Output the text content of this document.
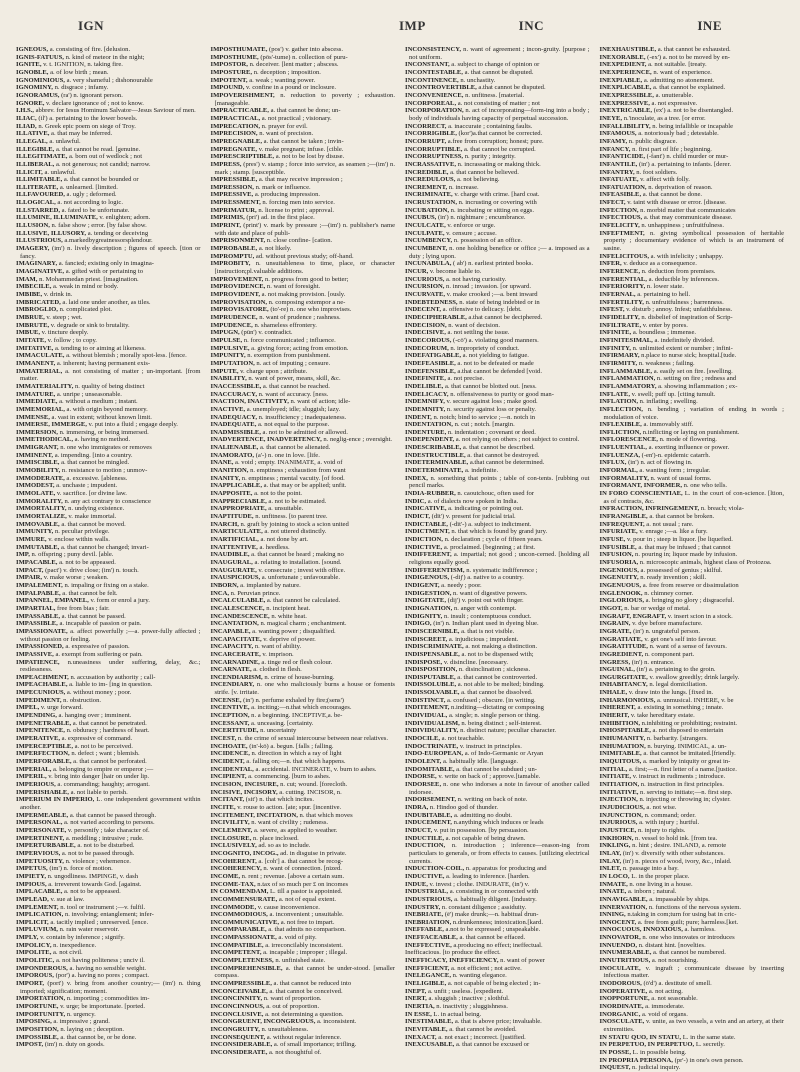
IGN	IMP	INC	INE

IGNEOUS, a. consisting of fire. [delusion.

IGNIS-FATUUS, n. kind of meteor in the night;

IGNITE, v. t. IGNITION, n. taking fire.

IGNOBLE, a. of low birth ; mean.

IGNOMINIOUS, a. very shameful ; dishonourable

IGNOMINY, n. disgrace ; infamy.

IGNORAMUS, (ra') n. ignorant person.

IGNORE, v. declare ignorance of ; not to know.

I.H.S., abbrev. for Iesus Hominum Salvator—Jesus Saviour of men.

ILIAC, (il') a. pertaining to the lower bowels.

ILIAD, n. Greek epic poem on siege of Troy.

ILLATIVE, a. that may be inferred.

ILLEGAL, a. unlawful.

ILLEGIBLE, a. that cannot be read. [genuine.

ILLEGITIMATE, a. born out of wedlock ; not

ILLIBERAL, a. not generous; not candid; narrow.

ILLICIT, a. unlawful.

ILLIMITABLE, a. that cannot be bounded or

ILLITERATE, a. unlearned. [limited.

ILLFAVOURED, a. ugly ; deformed.

ILLOGICAL, a. not according to logic.

ILLSTARRED, a. fated to be unfortunate.

ILLUMINE, ILLUMINATE, v. enlighten; adorn.

ILLUSION, n. false show ; error. [by false show.

ILLUSIVE, ILLUSORY, a. tending or deceiving

ILLUSTRIOUS, a.markedbygreatnessorsplendour.

IMAGERY, (im') n. lively description ; figures of speech. [tion or fancy.

IMAGINARY, a. fancied; existing only in imagina-

IMAGINATIVE, a. gifted with or pertaining to

IMAM, n. Mohammedan priest. [imagination.

IMBECILE, a. weak in mind or body.

IMBIBE, v. drink in.

IMBRICATED, a. laid one under another, as tiles.

IMBROGLIO, n. complicated plot.

IMBRUE, v. steep ; wet.

IMBRUTE, v. degrade or sink to brutality.

IMBUE, v. tincture deeply.

IMITATE, v. follow ; to copy.

IMITATIVE, a. tending to or aiming at likeness.

IMMACULATE, a. without blemish ; morally spot-less. [fence.

IMMANENT, a. inherent; having permanent exis-

IMMATERIAL, a. not consisting of matter ; un-important. [from matter.

IMMATERIALITY, n. quality of being distinct

IMMATURE, a. unripe ; unseasonable.

IMMEDIATE, a. without a medium ; instant.

IMMEMORIAL, a. with origin beyond memory.

IMMENSE, a. vast in extent; without known limit.

IMMERSE, IMMERGE, v. put into a fluid ; engage deeply.

IMMERSION, n. immersing, or being immersed.

IMMETHODICAL, a. having no method.

IMMIGRANT, n. one who immigrates or removes

IMMINENT, a. impending. [into a country.

IMMISCIBLE, a. that cannot be mingled.

IMMOBILITY, n. resistance to motion ; unmov-

IMMODERATE, a. excessive. [ableness.

IMMODEST, a. unchaste ; impudent.

IMMOLATE, v. sacrifice. [or divine law.

IMMORALITY, n. any act contrary to conscience

IMMORTALITY, n. undying existence.

IMMORTALIZE, v. make immortal.

IMMOVABLE, a. that cannot be moved.

IMMUNITY, n. peculiar privilege.

IMMURE, v. enclose within walls.

IMMUTABLE, a. that cannot be changed; invari-

IMP, n. offspring ; puny devil. [able.

IMPACABLE, a. not to be appeased.

IMPACT, (pact') v. drive close; (im') n. touch.

IMPAIR, v. make worse ; weaken.

IMPALEMENT, n. impaling or fixing on a stake.

IMPALPABLE, a. that cannot be felt.

IMPANNEL, EMPANEL, v. form or enrol a jury.

IMPARTIAL, free from bias ; fair.

IMPASSABLE, a. that cannot be passed.

IMPASSIBLE, a. incapable of passion or pain.

IMPASSIONATE, a. affect powerfully ;—a. power-fully affected ; without passion or feeling.

IMPASSIONED, a. expressive of passion.

IMPASSIVE, a. exempt from suffering or pain.

IMPATIENCE, n.uneasiness under suffering, delay, &c.; restlessness.

IMPEACHMENT, n. accusation by authority ; call-

IMPEACHABLE, a. liable to im- [ing in question.

IMPECUNIOUS, a. without money ; poor.

IMPEDIMENT, n. obstruction.

IMPEL, v. urge forward.

IMPENDING, a. hanging over ; imminent.

IMPENETRABLE, a. that cannot be penetrated.

IMPENITENCE, n. obduracy ; hardness of heart.

IMPERATIVE, a. expressive of command.

IMPERCEPTIBLE, a. not to be perceived.

IMPERFECTION, n. defect ; want ; blemish.

IMPERFORABLE, a. that cannot be perforated.

IMPERIAL, a. belonging to empire or emperor ;—

IMPERIL, v. bring into danger [hair on under lip.

IMPERIOUS, a. commanding; haughty; arrogant.

IMPERISHABLE, a. not liable to perish.

IMPERIUM IN IMPERIO, L. one independent government within another.

IMPERMEABLE, a. that cannot be passed through.

IMPERSONAL, a. not varied according to persons.

IMPERSONATE, v. personify ; take character of.

IMPERTINENT, a. meddling ; intrusive ; rude.

IMPERTURBABLE, a. not to be disturbed.

IMPERVIOUS, a. not to be passed through.

IMPETUOSITY, n. violence ; vehemence.

IMPETUS, (im') n. force of motion.

IMPIETY, n. ungodliness. IMPINGE, v. dash

IMPIOUS, a. irreverent towards God. [against.

IMPLACABLE, a. not to be appeased.

IMPLEAD, v. sue at law.

IMPLEMENT, n. tool or instrument ;—v. fulfil.

IMPLICATION, n. involving; entanglement; infer-

IMPLICIT, a. tacitly implied ; unreserved. [ence.

IMPLUVIUM, n. rain water reservoir.

IMPLY, v. contain by inference ; signify.

IMPOLICY, n. inexpedience.

IMPOLITE, a. not civil.

IMPOLITIC, a. not having politeness ; unciv il.

IMPONDEROUS, a. having no sensible weight.

IMPOROUS, (por') a. having no pores ; compact.

IMPORT, (port') v. bring from another country;— (im') n. thing imported; signification; moment.

IMPORTATION, n. importing ; commodities im-

IMPORTUNE, v. urge; be importunate. [ported.

IMPORTUNITY, n. urgency.

IMPOSING, a. impressive ; grand.

IMPOSITION, n. laying on ; deception.

IMPOSSIBLE, a. that cannot be, or be done.

IMPOST, (im') n. duty on goods.

IMPOSTHUMATE, (pos') v. gather into abscess.

IMPOSTHUME, (pōs'-tume) n. collection of puru-

IMPOSTOR, n. deceiver. [lent matter ; abscess.

IMPOSTURE, n. deception ; imposition.

IMPOTENT, a. weak ; wanting power.

IMPOUND, v. confine in a pound or inclosure.

IMPOVERISHMENT, n. reduction to poverty ; exhaustion. [manageable.

IMPRACTICABLE, a. that cannot be done; un-

IMPRACTICAL, a. not practical ; visionary.

IMPRECATION, n. prayer for evil.

IMPRECISION, n. want of precision.

IMPREGNABLE, a. that cannot be taken ; invin-

IMPREGNATE, v. make pregnant; infuse. [cible.

IMPRESCRIPTIBLE, a. not to be lost by disuse.

IMPRESS, (pres') v. stamp ; force into service, as seamen ;—(im') n. mark ; stamp. [susceptible.

IMPRESSIBLE, a. that may receive impression ;

IMPRESSION, n. mark or influence.

IMPRESSIVE, a. producing impression.

IMPRESSMENT, n. forcing men into service.

IMPRIMATUR, n. license to print ; approval.

IMPRIMIS, (pri') ad. in the first place.

IMPRINT, (print') v. mark by pressure ;—(im') n. publisher's name with date and place of publi-

IMPRISONMENT, n. close confine- [cation.

IMPROBABLE, a. not likely.

IMPROMPTU, ad. without previous study; off-hand.

IMPROBITY, n. unsuitableness to time, place, or character [instruction;pl.valuable additions.

IMPROVEMENT, n. progress from good to better;

IMPROVIDENCE, n. want of foresight.

IMPROVIDENT, a. not making provision. [ously.

IMPROVISATION, n. composing extempor a ne-

IMPROVISATORE, (to'-re) n. one who improvises.

IMPRUDENCE, n. want of prudence ; rashness.

IMPUDENCE, n. shameless effrontery.

IMPUGN, (pūn') v. contradict.

IMPULSE, n. force communicated ; influence.

IMPULSIVE, a. giving force; acting from emotion.

IMPUNITY, n. exemption from punishment.

IMPUTATION, n. act of imputing ; censure.

IMPUTE, v. charge upon ; attribute.

INABILITY, n. want of power, means, skill, &c.

INACCESSIBLE, a. that cannot be reached.

INACCURACY, n. want of accuracy. [ness.

INACTION, INACTIVITY, n. want of action; idle-

INACTIVE, a. unemployed; idle; sluggish; lazy.

INADEQUACY, n. insufficiency ; inadequateness.

INADEQUATE, a. not equal to the purpose.

INADMISSIBLE, a. not to be admitted or allowed.

INADVERTENCE, INADVERTENCY, n. neglig-ence ; oversight.

INALIENABLE, a. that cannot be alienated.

INAMORATO, (a'-) n. one in love. [life.

INANE, a. void ; empty. INANIMATE, a. void of

INANITION, n. emptiness ; exhaustion from want

INANITY, n. emptiness ; mental vacuity. [of food.

INAPPLICABLE, a. that may or be applied; unfit.

INAPPOSITE, a. not to the point.

INAPPRECIABLE, a. not to be estimated.

INAPPROPRIATE, a. unsuitable.

INAPTITUDE, n. unfitness. [to parent tree.

INARCH, n. graft by joining to stock a scion united

INARTICULATE, a. not uttered distinctly.

INARTIFICIAL, a. not done by art.

INATTENTIVE, a. heedless.

INAUDIBLE, a. that cannot be heard ; making no

INAUGURAL, a. relating to installation. [sound.

INAUGURATE, v. consecrate ; invest with office.

INAUSPICIOUS, a. unfortunate ; unfavourable.

INBORN, a. implanted by nature.

INCA, n. Peruvian prince.

INCALCULABLE, a. that cannot be calculated.

INCALESCENCE, n. incipient heat.

INCANDESCENCE, n. white heat.

INCANTATION, n. magical charm ; enchantment.

INCAPABLE, a. wanting power ; disqualified.

INCAPACITATE, v. deprive of power.

INCAPACITY, n. want of ability.

INCARCERATE, v. imprison.

INCARNADINE, a. tinge red or flesh colour.

INCARNATE, a. clothed in flesh.

INCENDIARISM, n. crime of house-burning.

INCENDIARY, n. one who maliciously burns a house or foments strife. [v. irritate.

INCENSE, (in') n. perfume exhaled by fire;(sens')

INCENTIVE, a. inciting;—n.that which encourages.

INCEPTION, n. a beginning. INCEPTIVE,a. be-

INCESSANT, a. unceasing. [certainty.

INCERTITUDE, n. uncertainty

INCEST, n. the crime of sexual intercourse between near relatives.

INCHOATE, (in'-kō) a. begun. [falls ; falling.

INCIDENCE, n. direction in which a ray of light

INCIDENT, a. falling on;—n. that which happens.

INCIDENTAL, a. accidental. INCINERATE, v. burn to ashes.

INCIPIENT, a. commencing. [burn to ashes.

INCISION, INCISURE, n. cut; wound. [forecloth.

INCISIVE, INCISORY, a. cutting. INCISOR, n.

INCITANT, (sit') n. that which incites.

INCITE, v. rouse to action. [ate; spur. [incentive.

INCITEMENT, INCITATION, n. that which moves

INCIVILITY, n. want of civility ; rudeness.

INCLEMENT, a. severe, as applied to weather.

INCLOSURE, n. place inclosed.

INCLUSIVELY, ad. so as to include.

INCOGNITO, INCOG., ad. in disguise in private.

INCOHERENT, a. [coh'] a. that cannot be recog-

INCOHERENCY, n. want of connection. [nized.

INCOME, n. rent ; revenue. [above a certain sum.

INCOME-TAX, n.tax of so much per £ on incomes

IN COMMENDAM, L. till a pastor is appointed.

INCOMMENSURATE, a. not of equal extent.

INCOMMODE, v. cause inconvenience.

INCOMMODIOUS, a. inconvenient ; unsuitable.

INCOMMUNICATIVE, a. not free to impart.

INCOMPARABLE, a. that admits no comparison.

INCOMPASSIONATE, a. void of pity.

INCOMPATIBLE, a. irreconcilably inconsistent.

INCOMPETENT, a. incapable ; improper ; illegal.

INCOMPLETENESS, n. unfinished state.

INCOMPREHENSIBLE, a. that cannot be under-stood. [smaller compass.

INCOMPRESSIBLE, a. that cannot be reduced into

INCONCEIVABLE, a. that cannot be conceived.

INCONCINNITY, n. want of proportion.

INCONCINNOUS, a. out of proportion.

INCONCLUSIVE, a. not determining a question.

INCONGRUENT, INCONGRUOUS, a. inconsistent.

INCONGRUITY, n. unsuitableness.

INCONSEQUENT, a. without regular inference.

INCONSIDERABLE, a. of small importance; trifling.

INCONSIDERATE, a. not thoughtful of.

INCONSISTENCY, n. want of agreement ; incon-gruity. [purpose ; not uniform.

INCONSTANT, a. subject to change of opinion or

INCONTESTABLE, a. that cannot be disputed.

INCONTINENCE, n. unchastity.

INCONTROVERTIBLE, a.that cannot be disputed.

INCONVENIENCE, n. unfitness. [material.

INCORPOREAL, a. not consisting of matter ; not

INCORPORATION, n. act of incorporating—form-ing into a body ; body of individuals having capacity of perpetual succession.

INCORRECT, a. inaccurate ; containing faults.

INCORRIGIBLE, (kor')a.that cannot be corrected.

INCORRUPT, a.free from corruption; honest; pure.

INCORRUPTIBLE, a. that cannot be corrupted.

INCORRUPTNESS, n. purity ; integrity.

INCRASSATIVE, n. incrassating or making thick.

INCREDIBLE, a. that cannot be believed.

INCREDULOUS, a. not believing.

INCREMENT, n. increase.

INCRIMINATE, v. charge with crime. [hard coat.

INCRUSTATION, n. incrusting or covering with

INCUBATION, n. incubating or sitting on eggs.

INCUBUS, (in') n. nightmare ; encumbrance.

INCULCATE, v. enforce or urge.

INCULPATE, v. censure ; accuse.

INCUMBENCY, n. possession of an office.

INCUMBENT, n. one holding benefice or office ;— a. imposed as a duty ; lying upon.

INCUNABULA, ( ab') n. earliest printed books.

INCUR, v. become liable to.

INCURIOUS, a. not having curiosity.

INCURSION, n. inroad ; invasion. [or upward.

INCURVATE, v. make crooked ;—a. bent inward

INDEBTEDNESS, n. state of being indebted or in

INDECENT, a. offensive to delicacy. [debt.

INDECIPHERABLE, a.that cannot be deciphered.

INDECISION, n. want of decision.

INDECISIVE, a. not settling the issue.

INDECOROUS, (-cō') a. violating good manners.

INDECORUM, n. impropriety of conduct.

INDEFATIGABLE, a. not yielding to fatigue.

INDEFEASIBLE, a. not to be defeated or made

INDEFENSIBLE, a.that cannot be defended [void.

INDEFINITE, a. not precise.

INDELIBLE, a. that cannot be blotted out. [ness.

INDELICACY, n. offensiveness to purity or good man-

INDEMNIFY, v. secure against loss ; make good.

INDEMNITY, n. security against loss or penalty.

INDENT, n. notch; bind to service ;—n. notch in

INDENTATION, n. cut ; notch. [margin.

INDENTURE, n. indentation ; covenant or deed.

INDEPENDENT, a. not relying on others ; not subject to control.

INDESCRIBABLE, a. that cannot be described.

INDESTRUCTIBLE, a. that cannot be destroyed.

INDETERMINABLE, a.that cannot be determined.

INDETERMINATE, a. indefinite.

INDEX, n. something that points ; table of con-tents. [rubbing out pencil marks.

INDIA-RUBBER, n. caoutchouc, often used for

INDIC, a. of dialects now spoken in India.

INDICATIVE, a. indicating or pointing out.

INDICT, (dīt') v. present for judicial trial.

INDICTABLE, (-dīt'-) a. subject to indictment.

INDICTMENT, n. that which is found by grand jury.

INDICTION, n. declaration ; cycle of fifteen years.

INDICTIVE, a. proclaimed. [beginning ; at first.

INDIFFERENT, a. impartial; not good ; uncon-cerned. [holding all religions equally good.

INDIFFERENTISM, n. systematic indifference ;

INDIGENOUS, (-dij') a. native to a country.

INDIGENT, a. needy ; poor.

INDIGESTION, n. want of digestive powers.

INDIGITATE, (dij') v. point out with finger.

INDIGNATION, n. anger with contempt.

INDIGNITY, n. insult ; contemptuous conduct.

INDIGO, (in') n. Indian plant used in dyeing blue.

INDISCERNIBLE, a. that is not visible.

INDISCREET, a. injudicious ; imprudent.

INDISCRIMINATE, a. not making a distinction.

INDISPENSABLE, a. not to be dispensed with;

INDISPOSE, v. disincline. [necessary.

INDISPOSITION, n. disinclination ; sickness.

INDISPUTABLE, a. that cannot be controverted.

INDISSOLUBLE, a. not able to be melted; binding.

INDISSOLVABLE, a. that cannot be dissolved.

INDISTINCT, a. confused ; obscure. [in writing.

INDITEMENT, n.inditing—dictating or composing

INDIVIDUAL, a. single; n. single person or thing.

INDIVIDUALISM, n. being distinct ; self-interest.

INDIVIDUALITY, n. distinct nature; peculiar character.

INDOCILE, a. not teachable.

INDOCTRINATE, v. instruct in principles.

INDO-EUROPEAN, a. of Indo-Germanic or Aryan

INDOLENT, a. habitually idle. [language.

INDOMITABLE, a. that cannot be subdued ; un-

INDORSE, v. write on back of ; approve.[tamable.

INDORSEE, n. one who indorses a note in favour of another called indorsee.

INDORSEMENT, n. writing on back of note.

INDRA, n. Hindoo god of thunder.

INDUBITABLE, a. admitting no doubt.

INDUCEMENT, n.anything which induces or leads

INDUCT, v. put in possession. [by persuasion.

INDUCTILE, a. not capable of being drawn.

INDUCTION, n. introduction ; inference—reason-ing from particulars to generals, or from effects to causes. [utilizing electrical currents.

INDUCTION-COIL, n. apparatus for producing and

INDUCTIVE, a. leading to inference. [harden.

INDUE, v. invest ; clothe. INDURATE, (in') v.

INDUSTRIAL, a. consisting in or connected with

INDUSTRIOUS, a. habitually diligent. [industry.

INDUSTRY, n. constant diligence ; assiduity.

INEBRIATE, (ē') make drunk;—n. habitual drun-

INEBRIATION, n.drunkenness; intoxication.[kard.

INEFFABLE, a.not to be expressed ; unspeakable.

INEFFACEABLE, a. that cannot be effaced.

INEFFECTIVE, a.producing no effect; ineffectual.

Inefficacious. [to produce the effect.

INEFFICACY, INEFFICIENCY, n. want of power

INEFFICIENT, a. not efficient ; not active.

INELEGANCE, n. wanting elegance.

INELIGIBLE, a. not capable of being elected ; in-

INEPT, a. unfit ; useless. [expedient.

INERT, a. sluggish ; inactive ; slothful.

INERTIA, n. inactivity ; sluggishness.

IN ESSE, L. in actual being.

INESTIMABLE, a. that is above price; invaluable.

INEVITABLE, a. that cannot be avoided.

INEXACT, a. not exact ; incorrect. [justified.

INEXCUSABLE, a. that cannot be excused or

INEXHAUSTIBLE, a. that cannot be exhausted.

INEXORABLE, (-ex') a. not to be moved by en-

INEXPEDIENT, a. not suitable. [treaty.

INEXPERIENCE, n. want of experience.

INEXPIABLE, a. admitting no atonement.

INEXPLICABLE, a. that cannot be explained.

INEXPRESSIBLE, a. unutterable.

INEXPRESSIVE, a. not expressive.

INEXTRICABLE, (ex') a. not to be disentangled.

INEYE, n.'inoculate, as a tree. [or error.

INFALLIBILITY, n. being infallible or incapable

INFAMOUS, a. notoriously bad ; detestable.

INFAMY, n. public disgrace.

INFANCY, n. first part of life ; beginning.

INFANTICIDE, (-fant') n. child murder or mur-

INFANTILE, (in') a. pertaining to infants. [derer.

INFANTRY, n. foot soldiers.

INFATUATE, v. affect with folly.

INFATUATION, n. deprivation of reason.

INFEASIBLE, a. that cannot be done.

INFECT, v. taint with disease or error. [disease.

INFECTION, n. morbid matter that communicates

INFECTIOUS, a. that may communicate disease.

INFELICITY, n. unhappiness ; unfruitfulness.

INFEFTMENT, n. giving symbolical possession of heritable property ; documentary evidence of which is an instrument of sasine.

INFELICITOUS, a. with infelicity ; unhappy.

INFER, v. deduce as a consequence.

INFERENCE, n. deduction from premises.

INFERENTIAL, a. deducible by inferences.

INFERIORITY, n. lower state.

INFERNAL, a. pertaining to hell.

INFERTILITY, n. unfruitfulness ; barrenness.

INFEST, v. disturb ; annoy. Infest; unfaithfulness.

INFIDELITY, n. disbelief of inspiration of Scrip-

INFILTRATE, v. enter by pores.

INFINITE, a. boundless ; immense.

INFINITESIMAL, a. indefinitely divided.

INFINITY, n. unlimited extent or number ; infini-

INFIRMARY, n.place to nurse sick; hospital.[tude.

INFIRMITY, n. weakness ; failing.

INFLAMMABLE, a. easily set on fire. [swelling.

INFLAMMATION, n. setting on fire ; redness and

INFLAMMATORY, a. showing inflammation ; ex-

INFLATE, v. swell; puff up. [citing tumult.

INFLATION, n. inflating ; swelling.

INFLECTION, n. bending ; variation of ending in words ; modulation of voice.

INFLEXIBLE, a. immovably stiff.

INFLICTION, n.inflicting or laying on punishment.

INFLORESCENCE, n. mode of flowering.

INFLUENTIAL, a. exerting influence or power.

INFLUENZA, (-en')-n. epidemic catarrh.

INFLUX, (in') n. act of flowing in.

INFORMAL, a. wanting form ; irregular.

INFORMALITY, n. want of usual forms.

INFORMANT, INFORMER, n. one who tells.

IN FORO CONSCIENTIAE, L. in the court of con-science. [ltion, as of contracts, &c.

INFRACTION, INFRINGEMENT, n. breach; viola-

INFRANGIBLE, a. that cannot be broken.

INFREQUENT, a. not usual ; rare.

INFURIATE, v. enrage ;—a. like a fury.

INFUSE, v. pour in ; steep in liquor. [be liquefied.

INFUSIBLE, a. that may be infused ; that cannot

INFUSION, n. pouring in; liquor made by infusion.

INFUSORIA, n. microscopic animals, highest class of Protozoa.

INGENIOUS, a. possessed of genius ; skilful.

INGENUITY, n. ready invention ; skill.

INGENUOUS, a. free from reserve or dissimulation

INGLENOOK, n. chimney corner.

INGLORIOUS, a. bringing no glory ; disgraceful.

INGOT, n. bar or wedge of metal.

INGRAFT, ENGRAFT, v. insert scion in a stock.

INGRAIN, v. dye before manufacture.

INGRATE, (in') n. ungrateful person.

INGRATIATE, v. get one's self into favour.

INGRATITUDE, n. want of a sense of favours.

INGREDIENT, n. component part.

INGRESS, (in') n. entrance.

INGUINAL, (in') a. pertaining to the groin.

INGURGITATE, v. swallow greedily; drink largely.

INHABITANCY, n. legal domiciliation.

INHALE, v. draw into the lungs. [fixed in.

INHARMONIOUS, a. unmusical. INHERE, v. be

INHERENT, a. existing in something ; innate.

INHERIT, v. take hereditary estate.

INHIBITION, n.inhibiting or prohibiting; restraint.

INHOSPITABLE, a. not disposed to entertain

INHUMANITY, n. barbarity. [strangers.

INHUMATION, n. burying. INIMICAL, a. un-

INIMITABLE, a. that cannot be imitated.[friendly.

INIQUITOUS, a. marked by iniquity or great in-

INITIAL, a. first;—n. first letter of a name.[justice.

INITIATE, v. instruct in rudiments ; introduce.

INITIATION, n. instruction in first principles.

INITIATIVE, n. serving to initiate;—n. first step.

INJECTION, n. injecting or throwing in; clyster.

INJUDICIOUS, a. not wise.

INJUNCTION, n. command; order.

INJURIOUS, a. with injury ; hurtful.

INJUSTICE, n. injury to rights.

INKHORN, n. vessel to hold ink. [from tea.

INKLING, n. hint ; desire. INLAND, a. remote

INLAY, (in') v. diversify with other substances.

INLAY, (in') n. pieces of wood, ivory, &c., inlaid.

INLET, n. passage into a bay.

IN LOCO, L. in the proper place.

INMATE, n. one living in a house.

INNATE, a. inborn ; natural.

INNAVIGABLE, a. impassable by ships.

INNERVATION, n. functions of the nervous system.

INNING, n.taking in com;turn for using bat in cric-

INNOCENT, a. free from guilt; pure; harmless.[ket.

INNOCUOUS, INNOXIOUS, a. harmless.

INNOVATOR, n. one who innovates or introduces

INNUENDO, n. distant hint. [novelties.

INNUMERABLE, a. that cannot be numbered.

INNUTRITIOUS, a. not nourishing.

INOCULATE, v. ingraft ; communicate disease by inserting infectious matter.

INODOROUS, (ō'd') a. destitute of smell.

INOPERATIVE, a. not acting.

INOPPORTUNE, a. not seasonable.

INORDINATE, a. immoderate.

INORGANIC, a. void of organs.

INOSCULATE, v. unite, as two vessels, a vein and an artery, at their extremities.

IN STATU QUO, IN STATU, L. in the same state.

IN PERPETUO, IN PERPETUO, L. secretly.

IN POSSE, L. in possible being.

IN PROPRIA PERSONA, (pr'-) in one's own person.

INQUEST, n. judicial inquiry.
